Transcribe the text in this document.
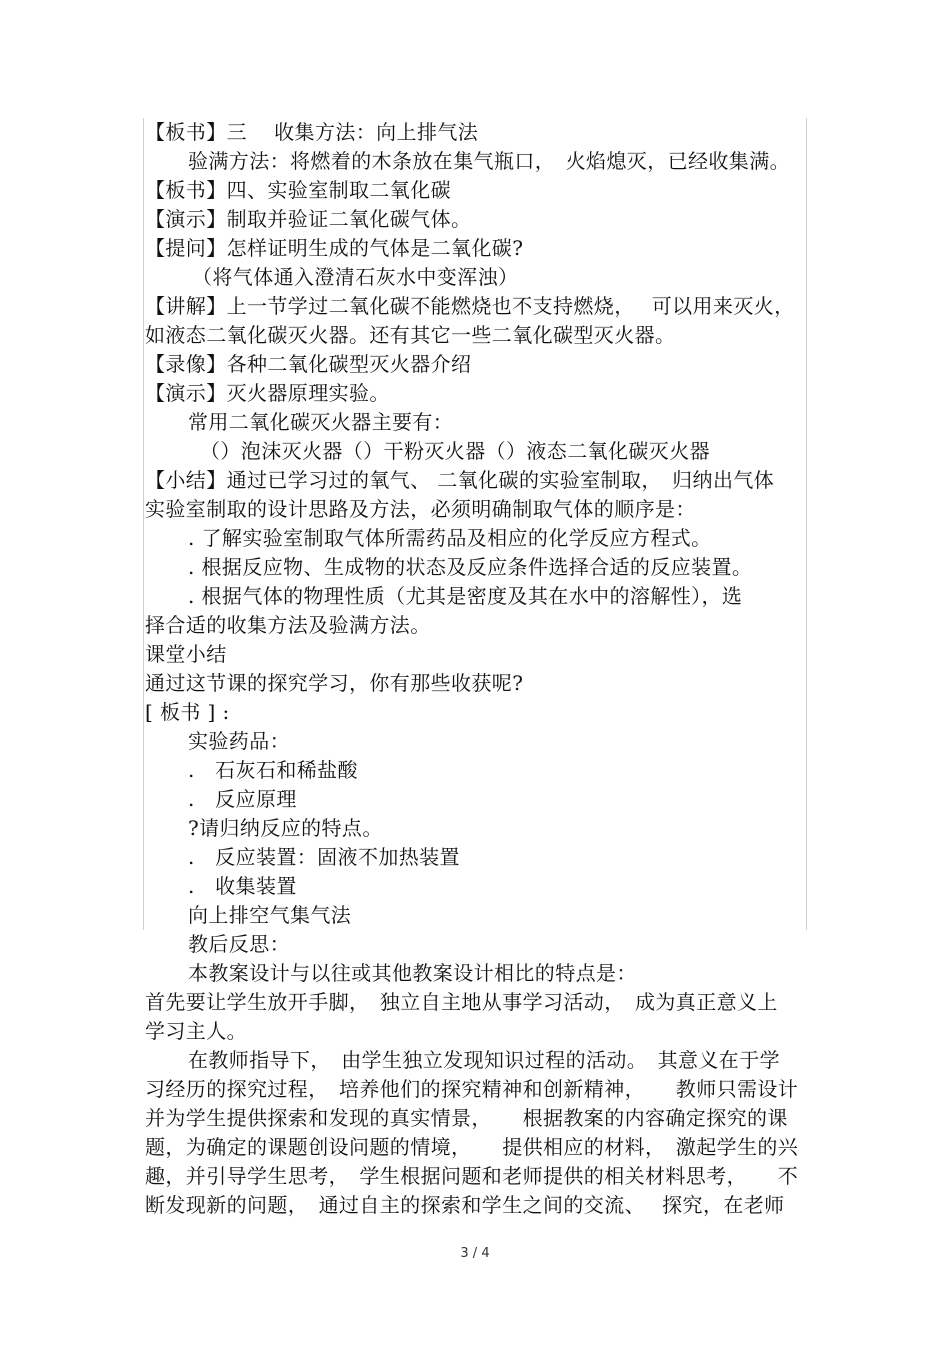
【板书】三　 收集方法：向上排气法
验满方法：将燃着的木条放在集气瓶口，　火焰熄灭，已经收集满。
【板书】四、实验室制取二氧化碳
【演示】制取并验证二氧化碳气体。
【提问】怎样证明生成的气体是二氧化碳?
（将气体通入澄清石灰水中变浑浊）
【讲解】上一节学过二氧化碳不能燃烧也不支持燃烧，　 可以用来灭火，
如液态二氧化碳灭火器。还有其它一些二氧化碳型灭火器。
【录像】各种二氧化碳型灭火器介绍
【演示】灭火器原理实验。
常用二氧化碳灭火器主要有：
（）泡沫灭火器（）干粉灭火器（）液态二氧化碳灭火器
【小结】通过已学习过的氧气、 二氧化碳的实验室制取，　归纳出气体
实验室制取的设计思路及方法，必须明确制取气体的顺序是：
. 了解实验室制取气体所需药品及相应的化学反应方程式。
. 根据反应物、生成物的状态及反应条件选择合适的反应装置。
. 根据气体的物理性质（尤其是密度及其在水中的溶解性），选
择合适的收集方法及验满方法。
课堂小结
通过这节课的探究学习，你有那些收获呢?
[ 板书 ] :
实验药品：
.　石灰石和稀盐酸
.　反应原理
?请归纳反应的特点。
.　反应装置：固液不加热装置
.　收集装置
向上排空气集气法
教后反思：
本教案设计与以往或其他教案设计相比的特点是：
首先要让学生放开手脚，　独立自主地从事学习活动，　成为真正意义上
学习主人。
在教师指导下，　由学生独立发现知识过程的活动。　其意义在于学
习经历的探究过程，　培养他们的探究精神和创新精神，　　教师只需设计
并为学生提供探索和发现的真实情景，　　根据教案的内容确定探究的课
题，为确定的课题创设问题的情境，　　提供相应的材料，　激起学生的兴
趣，并引导学生思考，　学生根据问题和老师提供的相关材料思考，　　不
断发现新的问题，　通过自主的探索和学生之间的交流、　 探究，在老师
3 / 4
